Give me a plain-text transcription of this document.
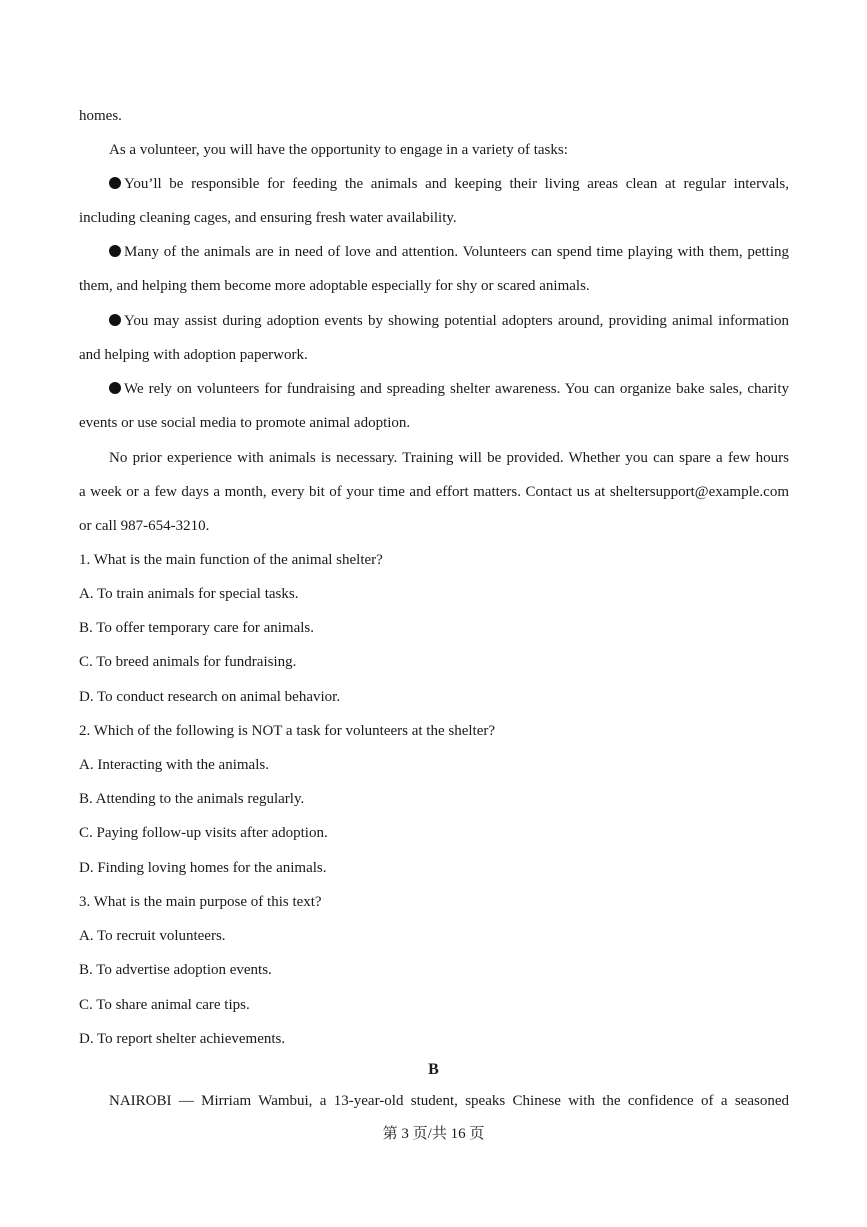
homes.
As a volunteer, you will have the opportunity to engage in a variety of tasks:
You’ll be responsible for feeding the animals and keeping their living areas clean at regular intervals,
including cleaning cages, and ensuring fresh water availability.
Many of the animals are in need of love and attention. Volunteers can spend time playing with them, petting
them, and helping them become more adoptable especially for shy or scared animals.
You may assist during adoption events by showing potential adopters around, providing animal information
and helping with adoption paperwork.
We rely on volunteers for fundraising and spreading shelter awareness. You can organize bake sales, charity
events or use social media to promote animal adoption.
No prior experience with animals is necessary. Training will be provided. Whether you can spare a few hours
a week or a few days a month, every bit of your time and effort matters. Contact us at sheltersupport@example.com
or call 987-654-3210.
1. What is the main function of the animal shelter?
A. To train animals for special tasks.
B. To offer temporary care for animals.
C. To breed animals for fundraising.
D. To conduct research on animal behavior.
2. Which of the following is NOT a task for volunteers at the shelter?
A. Interacting with the animals.
B. Attending to the animals regularly.
C. Paying follow-up visits after adoption.
D. Finding loving homes for the animals.
3. What is the main purpose of this text?
A. To recruit volunteers.
B. To advertise adoption events.
C. To share animal care tips.
D. To report shelter achievements.
B
NAIROBI — Mirriam Wambui, a 13-year-old student, speaks Chinese with the confidence of a seasoned
第 3 页/共 16 页
